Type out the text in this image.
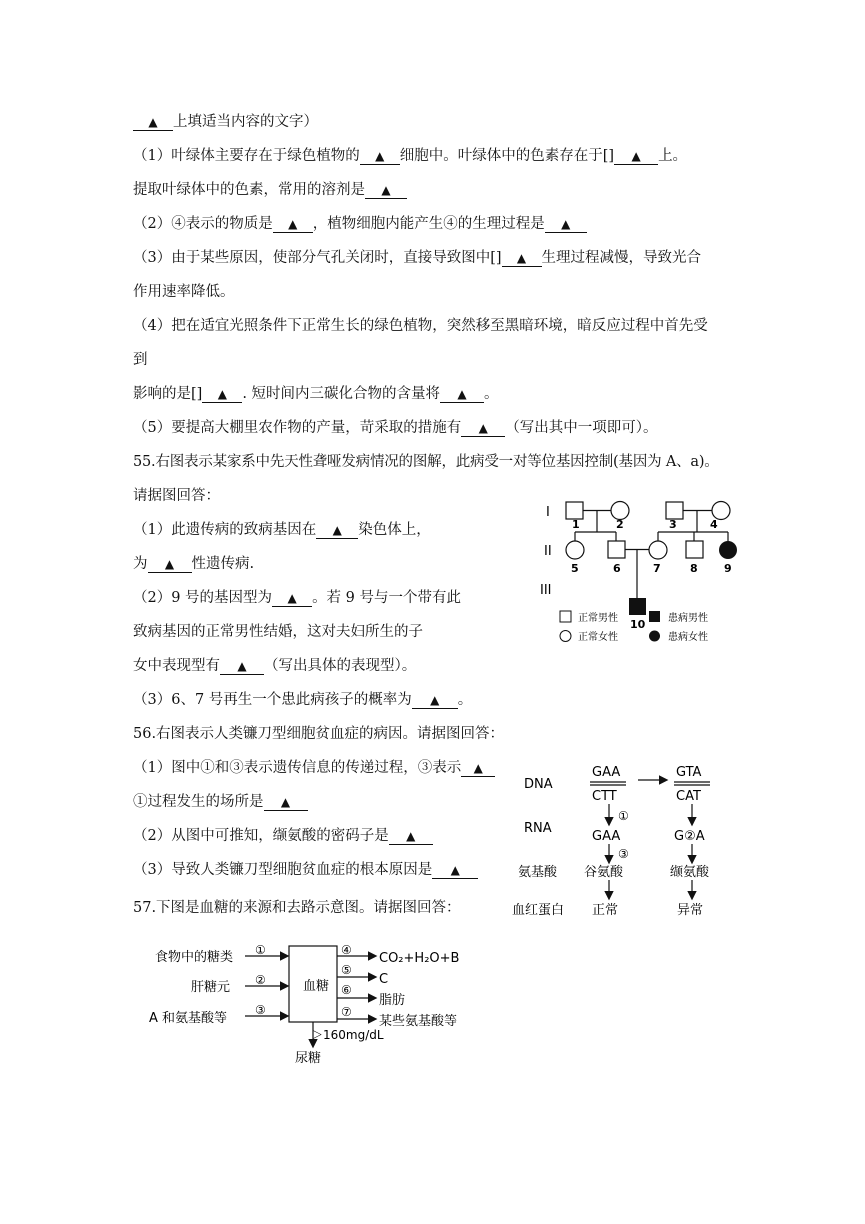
▲ 上填适当内容的文字）
（1）叶绿体主要存在于绿色植物的 ▲ 细胞中。叶绿体中的色素存在于[] ▲ 上。
提取叶绿体中的色素，常用的溶剂是 ▲
（2）④表示的物质是 ▲ ，植物细胞内能产生④的生理过程是 ▲
（3）由于某些原因，使部分气孔关闭时，直接导致图中[] ▲ 生理过程减慢，导致光合
作用速率降低。
（4）把在适宜光照条件下正常生长的绿色植物，突然移至黑暗环境，暗反应过程中首先受
到
影响的是[] ▲ . 短时间内三碳化合物的含量将 ▲ 。
（5）要提高大棚里农作物的产量，苛采取的措施有 ▲ （写出其中一项即可）。
55.右图表示某家系中先天性聋哑发病情况的图解，此病受一对等位基因控制(基因为 A、a)。
请据图回答：
（1）此遗传病的致病基因在 ▲ 染色体上，
为 ▲ 性遗传病.
（2）9 号的基因型为 ▲ 。若 9 号与一个带有此
致病基因的正常男性结婚，这对夫妇所生的子
女中表现型有 ▲ （写出具体的表现型）。
（3）6、7 号再生一个患此病孩子的概率为 ▲ 。
I
II
III
1	2	3	4
5	6	7	8 9
10
正常男性	患病男性
正常女性	患病女性
56.右图表示人类镰刀型细胞贫血症的病因。请据图回答：
（1）图中①和③表示遗传信息的传递过程，③表示 ▲
①过程发生的场所是 ▲
（2）从图中可推知，缬氨酸的密码子是 ▲
（3）导致人类镰刀型细胞贫血症的根本原因是 ▲
DNA
RNA
氨基酸
血红蛋白
GAA
CTT
GTA
CAT
GAA	G②A
①
③
谷氨酸	缬氨酸
正常	异常
57.下图是血糖的来源和去路示意图。请据图回答：
食物中的糖类
肝糖元
A 和氨基酸等
血糖
①
②
③
④
⑤
⑥
⑦
CO₂+H₂O+B
C
脂肪
某些氨基酸等
＞160mg/dL
尿糖
